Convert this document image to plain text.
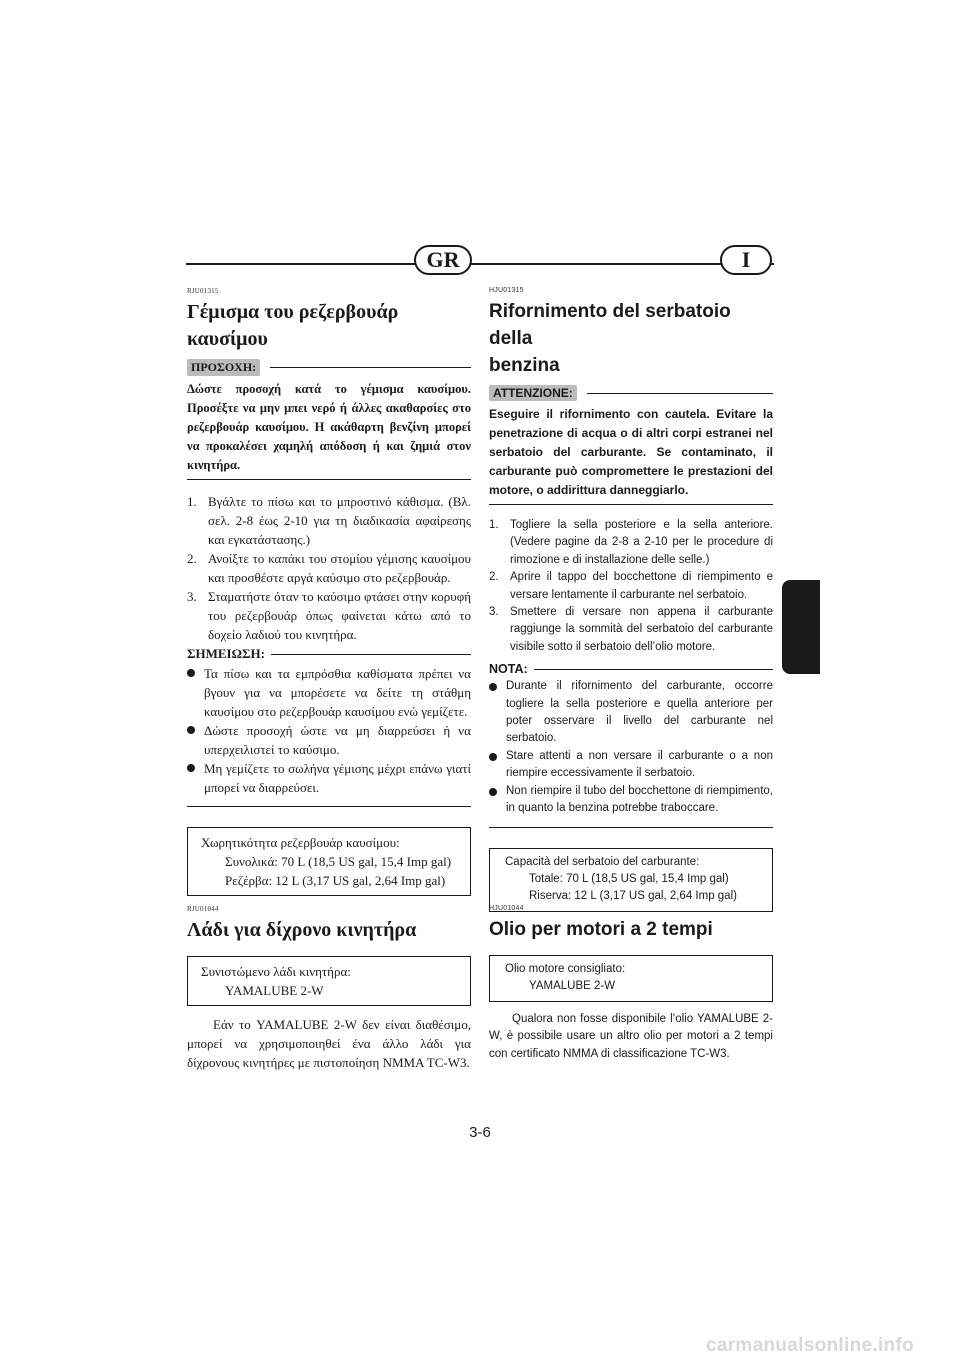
GR	I
RJU01315
Γέμισμα του ρεζερβουάρ
καυσίμου
ΠΡΟΣΟΧΗ:

Δώστε προσοχή κατά το γέμισμα καυσίμου. Προσέξτε να μην μπει νερό ή άλλες ακαθαρσίες στο ρεζερβουάρ καυσίμου. Η ακάθαρτη βενζίνη μπορεί να προκαλέσει χαμηλή απόδοση ή και ζημιά στον κινητήρα.

1. Βγάλτε το πίσω και το μπροστινό κάθισμα. (Βλ. σελ. 2-8 έως 2-10 για τη διαδικασία αφαίρεσης και εγκατάστασης.)
2. Ανοίξτε το καπάκι του στομίου γέμισης καυσίμου και προσθέστε αργά καύσιμο στο ρεζερβουάρ.
3. Σταματήστε όταν το καύσιμο φτάσει στην κορυφή του ρεζερβουάρ όπως φαίνεται κάτω από το δοχείο λαδιού του κινητήρα.
ΣΗΜΕΙΩΣΗ:
Τα πίσω και τα εμπρόσθια καθίσματα πρέπει να βγουν για να μπορέσετε να δείτε τη στάθμη καυσίμου στο ρεζερβουάρ καυσίμου ενώ γεμίζετε.
Δώστε προσοχή ώστε να μη διαρρεύσει ή να υπερχειλιστεί το καύσιμο.
Μη γεμίζετε το σωλήνα γέμισης μέχρι επάνω γιατί μπορεί να διαρρεύσει.
Χωρητικότητα ρεζερβουάρ καυσίμου:
Συνολικά: 70 L (18,5 US gal, 15,4 Imp gal)
Ρεζέρβα: 12 L (3,17 US gal, 2,64 Imp gal)
RJU01044
Λάδι για δίχρονο κινητήρα
Συνιστώμενο λάδι κινητήρα:
YAMALUBE 2-W

Εάν το YAMALUBE 2-W δεν είναι διαθέσιμο, μπορεί να χρησιμοποιηθεί ένα άλλο λάδι για δίχρονους κινητήρες με πιστοποίηση NMMA TC-W3.

HJU01315
Rifornimento del serbatoio della
benzina
ATTENZIONE:

Eseguire il rifornimento con cautela. Evitare la penetrazione di acqua o di altri corpi estranei nel serbatoio del carburante. Se contaminato, il carburante può compromettere le prestazioni del motore, o addirittura danneggiarlo.

1. Togliere la sella posteriore e la sella anteriore. (Vedere pagine da 2-8 a 2-10 per le procedure di rimozione e di installazione delle selle.)
2. Aprire il tappo del bocchettone di riempimento e versare lentamente il carburante nel serbatoio.
3. Smettere di versare non appena il carburante raggiunge la sommità del serbatoio del carburante visibile sotto il serbatoio dell’olio motore.
NOTA:
Durante il rifornimento del carburante, occorre togliere la sella posteriore e quella anteriore per poter osservare il livello del carburante nel serbatoio.
Stare attenti a non versare il carburante o a non riempire eccessivamente il serbatoio.
Non riempire il tubo del bocchettone di riempimento, in quanto la benzina potrebbe traboccare.
Capacità del serbatoio del carburante:
Totale: 70 L (18,5 US gal, 15,4 Imp gal)
Riserva: 12 L (3,17 US gal, 2,64 Imp gal)
HJU01044
Olio per motori a 2 tempi
Olio motore consigliato:
YAMALUBE 2-W

Qualora non fosse disponibile l’olio YAMALUBE 2-W, è possibile usare un altro olio per motori a 2 tempi con certificato NMMA di classificazione TC-W3.

3-6
carmanualsonline.info
